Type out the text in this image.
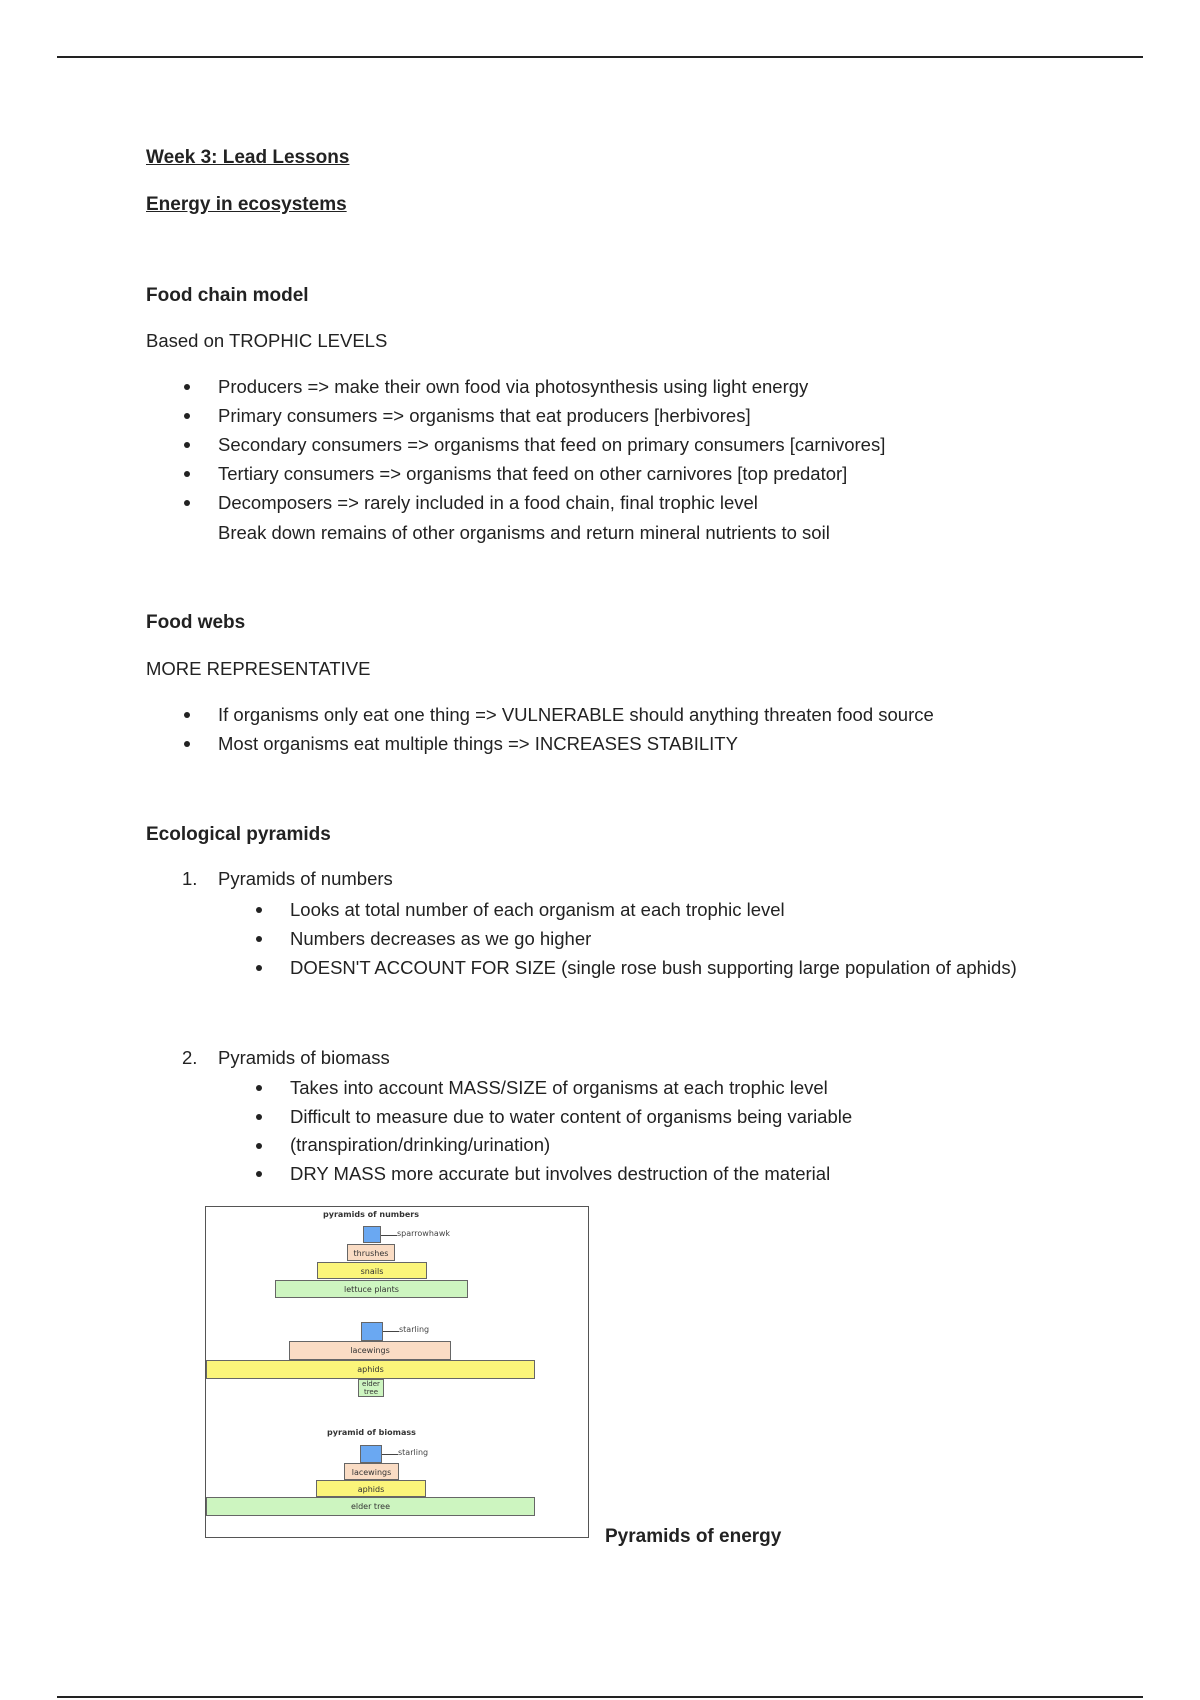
Week 3: Lead Lessons
Energy in ecosystems
Food chain model
Based on TROPHIC LEVELS
Producers => make their own food via photosynthesis using light energy
Primary consumers => organisms that eat producers [herbivores]
Secondary consumers => organisms that feed on primary consumers [carnivores]
Tertiary consumers => organisms that feed on other carnivores [top predator]
Decomposers => rarely included in a food chain, final trophic level
Break down remains of other organisms and return mineral nutrients to soil
Food webs
MORE REPRESENTATIVE
If organisms only eat one thing => VULNERABLE should anything threaten food source
Most organisms eat multiple things => INCREASES STABILITY
Ecological pyramids
1. Pyramids of numbers
Looks at total number of each organism at each trophic level
Numbers decreases as we go higher
DOESN'T ACCOUNT FOR SIZE (single rose bush supporting large population of aphids)
2. Pyramids of biomass
Takes into account MASS/SIZE of organisms at each trophic level
Difficult to measure due to water content of organisms being variable
(transpiration/drinking/urination)
DRY MASS more accurate but involves destruction of the material
pyramids of numbers
sparrowhawk
thrushes
snails
lettuce plants
starling
lacewings
aphids
elder tree
pyramid of biomass
starling
lacewings
aphids
elder tree
Pyramids of energy
